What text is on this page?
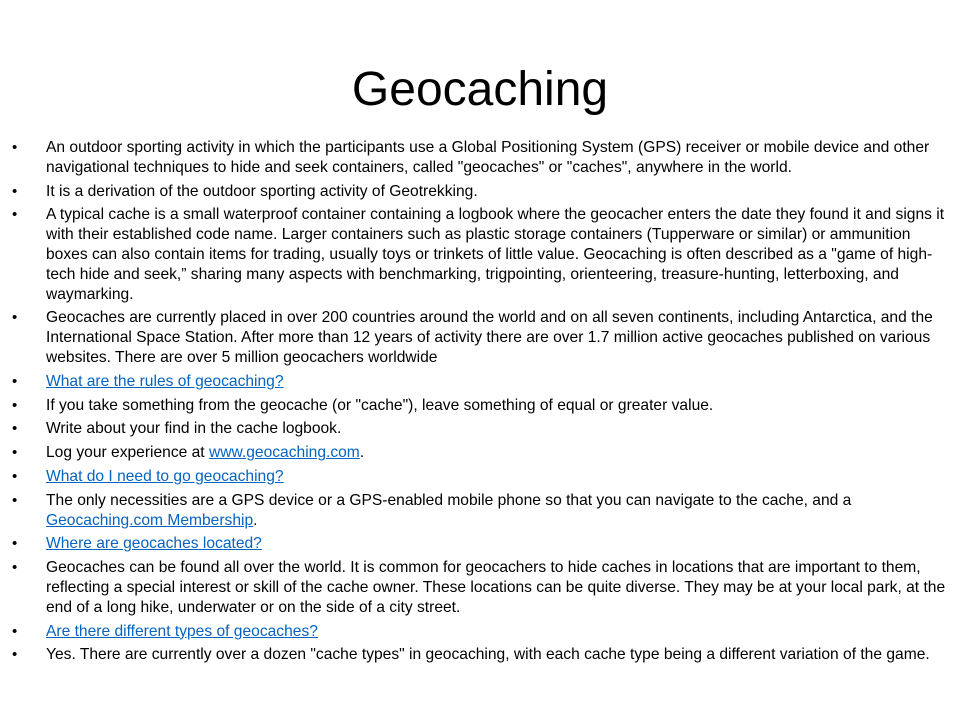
Geocaching
• An outdoor sporting activity in which the participants use a Global Positioning System (GPS) receiver or mobile device and other navigational techniques to hide and seek containers, called "geocaches" or "caches", anywhere in the world.
• It is a derivation of the outdoor sporting activity of Geotrekking.
• A typical cache is a small waterproof container containing a logbook where the geocacher enters the date they found it and signs it with their established code name. Larger containers such as plastic storage containers (Tupperware or similar) or ammunition boxes can also contain items for trading, usually toys or trinkets of little value. Geocaching is often described as a "game of high-tech hide and seek,” sharing many aspects with benchmarking, trigpointing, orienteering, treasure-hunting, letterboxing, and waymarking.
• Geocaches are currently placed in over 200 countries around the world and on all seven continents, including Antarctica, and the International Space Station. After more than 12 years of activity there are over 1.7 million active geocaches published on various websites. There are over 5 million geocachers worldwide
• What are the rules of geocaching?
• If you take something from the geocache (or "cache"), leave something of equal or greater value.
• Write about your find in the cache logbook.
• Log your experience at www.geocaching.com.
• What do I need to go geocaching?
• The only necessities are a GPS device or a GPS-enabled mobile phone so that you can navigate to the cache, and a Geocaching.com Membership.
• Where are geocaches located?
• Geocaches can be found all over the world. It is common for geocachers to hide caches in locations that are important to them, reflecting a special interest or skill of the cache owner. These locations can be quite diverse. They may be at your local park, at the end of a long hike, underwater or on the side of a city street.
• Are there different types of geocaches?
• Yes. There are currently over a dozen "cache types" in geocaching, with each cache type being a different variation of the game.
